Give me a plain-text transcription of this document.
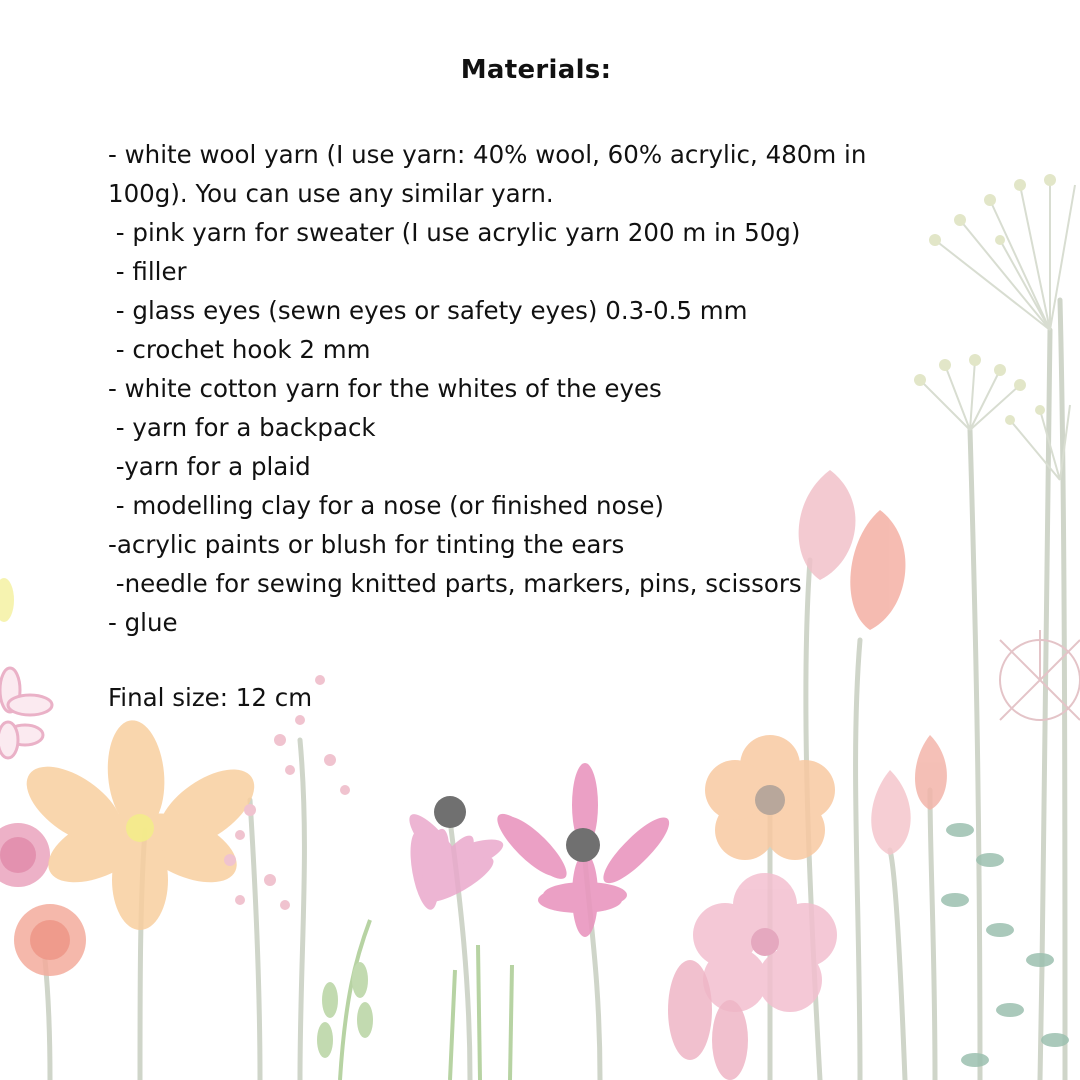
Materials:
- white wool yarn (I use yarn: 40% wool, 60% acrylic, 480m in
100g). You can use any similar yarn.
- pink yarn for sweater (I use acrylic yarn 200 m in 50g)
- filler
- glass eyes (sewn eyes or safety eyes) 0.3-0.5 mm
- crochet hook 2 mm
- white cotton yarn for the whites of the eyes
- yarn for a backpack
-yarn for a plaid
- modelling clay for a nose (or finished nose)
-acrylic paints or blush for tinting the ears
-needle for sewing knitted parts, markers, pins, scissors
- glue
Final size: 12 cm
